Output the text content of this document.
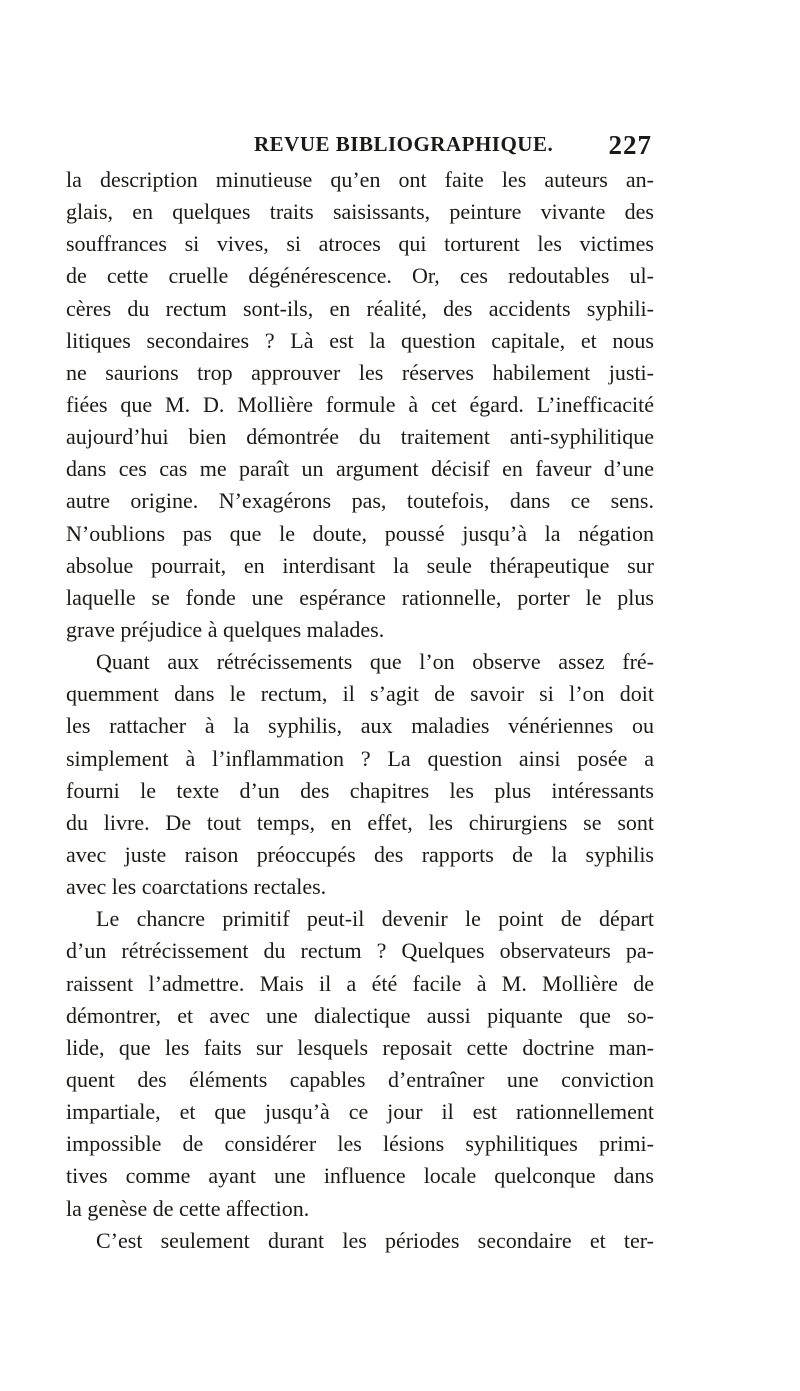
REVUE BIBLIOGRAPHIQUE. 227
la description minutieuse qu’en ont faite les auteurs an-
glais, en quelques traits saisissants, peinture vivante des
souffrances si vives, si atroces qui torturent les victimes
de cette cruelle dégénérescence. Or, ces redoutables ul-
cères du rectum sont-ils, en réalité, des accidents syphili-
litiques secondaires ? Là est la question capitale, et nous
ne saurions trop approuver les réserves habilement justi-
fiées que M. D. Mollière formule à cet égard. L’inefficacité
aujourd’hui bien démontrée du traitement anti-syphilitique
dans ces cas me paraît un argument décisif en faveur d’une
autre origine. N’exagérons pas, toutefois, dans ce sens.
N’oublions pas que le doute, poussé jusqu’à la négation
absolue pourrait, en interdisant la seule thérapeutique sur
laquelle se fonde une espérance rationnelle, porter le plus
grave préjudice à quelques malades.
Quant aux rétrécissements que l’on observe assez fré-
quemment dans le rectum, il s’agit de savoir si l’on doit
les rattacher à la syphilis, aux maladies vénériennes ou
simplement à l’inflammation ? La question ainsi posée a
fourni le texte d’un des chapitres les plus intéressants
du livre. De tout temps, en effet, les chirurgiens se sont
avec juste raison préoccupés des rapports de la syphilis
avec les coarctations rectales.
Le chancre primitif peut-il devenir le point de départ
d’un rétrécissement du rectum ? Quelques observateurs pa-
raissent l’admettre. Mais il a été facile à M. Mollière de
démontrer, et avec une dialectique aussi piquante que so-
lide, que les faits sur lesquels reposait cette doctrine man-
quent des éléments capables d’entraîner une conviction
impartiale, et que jusqu’à ce jour il est rationnellement
impossible de considérer les lésions syphilitiques primi-
tives comme ayant une influence locale quelconque dans
la genèse de cette affection.
C’est seulement durant les périodes secondaire et ter-
